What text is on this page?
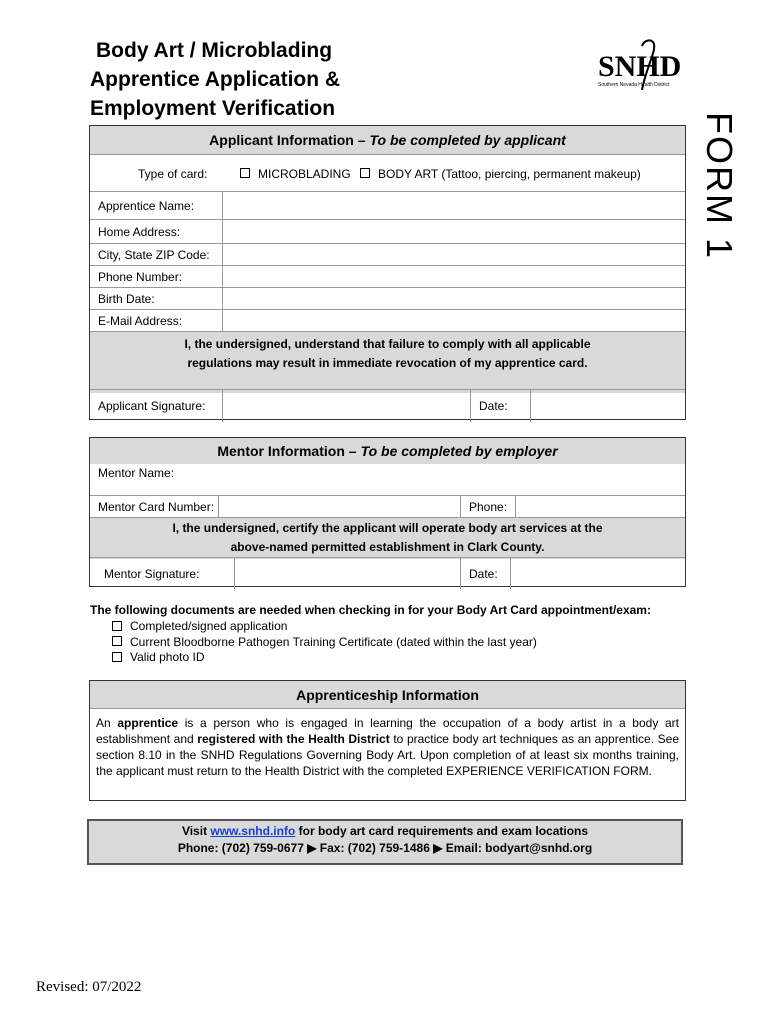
Body Art / Microblading
Apprentice Application &
Employment Verification
SNHD
Southern Nevada Health District
FORM 1
Applicant Information – To be completed by applicant
Type of card:	MICROBLADING BODY ART (Tattoo, piercing, permanent makeup)
Apprentice Name:
Home Address:
City, State ZIP Code:
Phone Number:
Birth Date:
E-Mail Address:
I, the undersigned, understand that failure to comply with all applicable
regulations may result in immediate revocation of my apprentice card.
Applicant Signature:	Date:
Mentor Information – To be completed by employer
Mentor Name:
Mentor Card Number:	Phone:
I, the undersigned, certify the applicant will operate body art services at the
above-named permitted establishment in Clark County.
Mentor Signature:	Date:
The following documents are needed when checking in for your Body Art Card appointment/exam:
Completed/signed application
Current Bloodborne Pathogen Training Certificate (dated within the last year)
Valid photo ID
Apprenticeship Information
An apprentice is a person who is engaged in learning the occupation of a body artist in a body art establishment and registered with the Health District to practice body art techniques as an apprentice. See section 8.10 in the SNHD Regulations Governing Body Art. Upon completion of at least six months training, the applicant must return to the Health District with the completed EXPERIENCE VERIFICATION FORM.
Visit www.snhd.info for body art card requirements and exam locations
Phone: (702) 759-0677 ▶ Fax: (702) 759-1486 ▶ Email: bodyart@snhd.org
Revised: 07/2022
